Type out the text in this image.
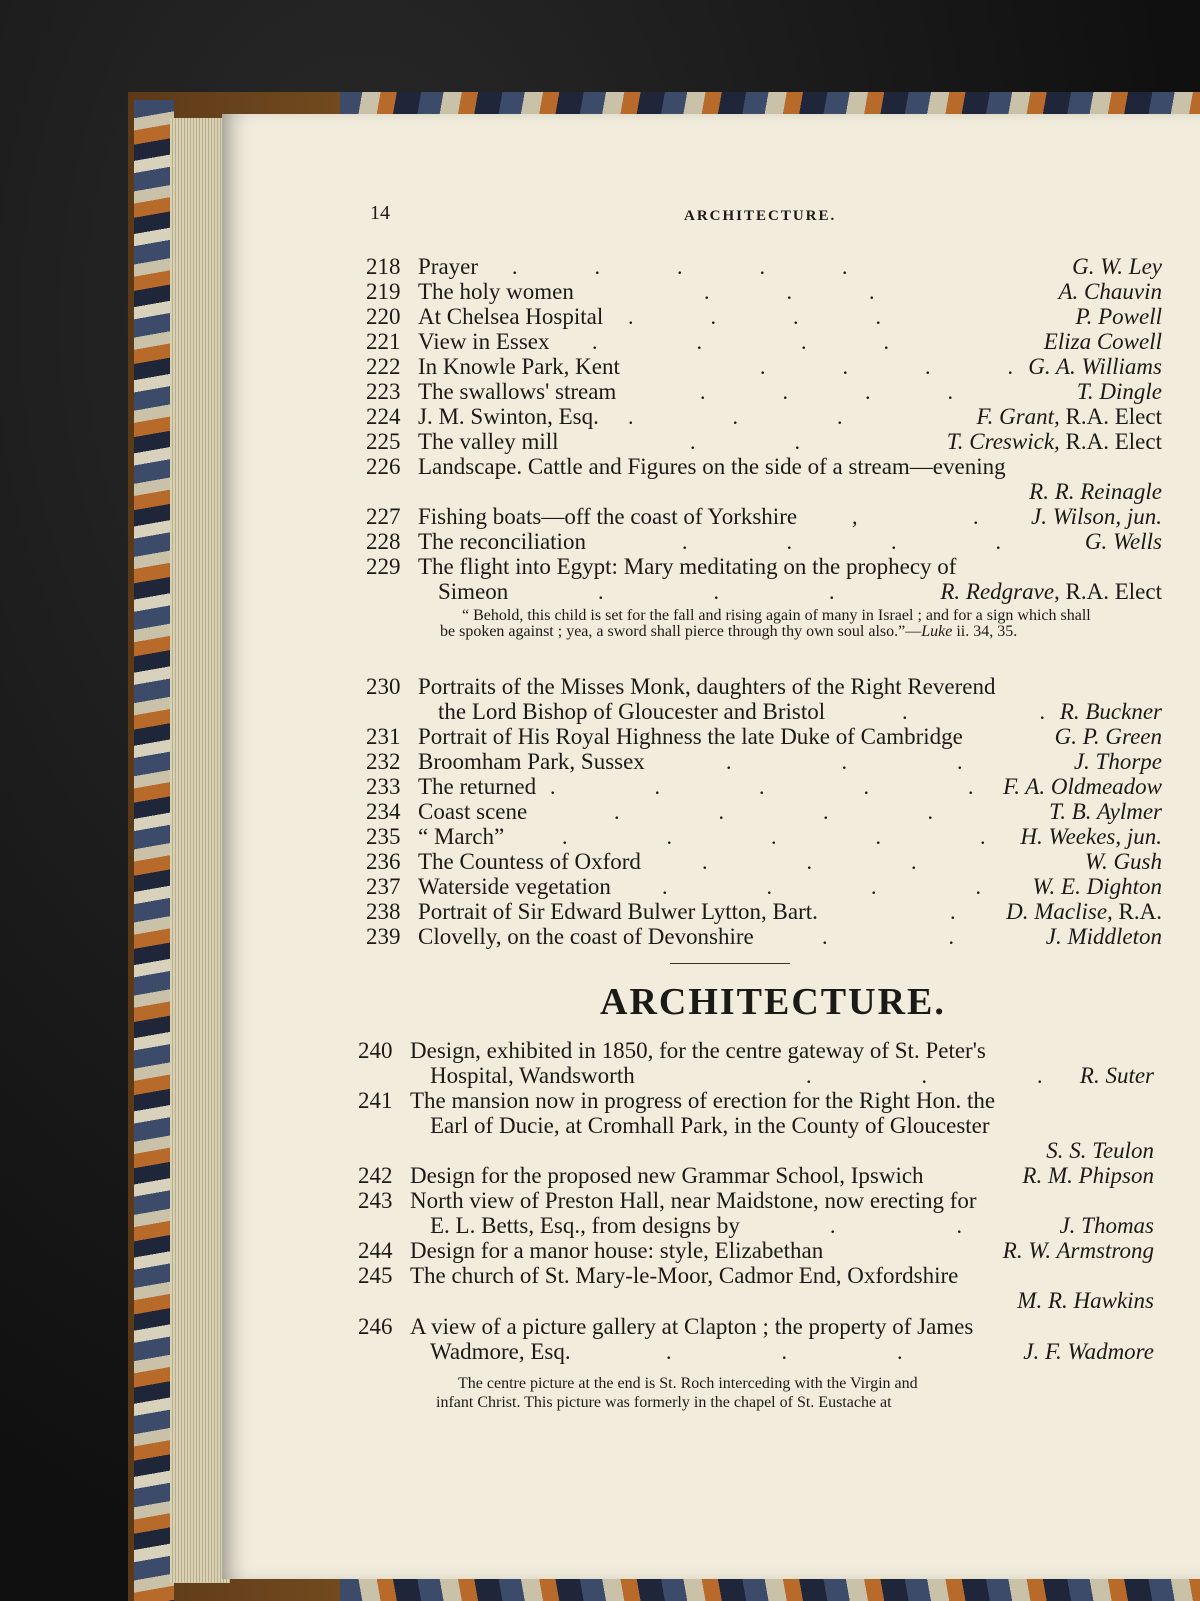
14	ARCHITECTURE.
218 Prayer .              .              .              .              .	G. W. Ley
219 The holy women	.              .              .	A. Chauvin
220 At Chelsea Hospital .              .              .              .	P. Powell
221 View in Essex .                  .                  .              .	Eliza Cowell
222 In Knowle Park, Kent	.              .              .              . G. A. Williams
223 The swallows' stream	.              .              .              .	T. Dingle
224 J. M. Swinton, Esq. .                  .                  .	F. Grant, R.A. Elect
225 The valley mill	.                  .	T. Creswick, R.A. Elect
226 Landscape. Cattle and Figures on the side of a stream—evening
R. R. Reinagle
227 Fishing boats—off the coast of Yorkshire ,                     . J. Wilson, jun.
228 The reconciliation	.                  .                  .                  .	G. Wells
229 The flight into Egypt: Mary meditating on the prophecy of
Simeon	.                    .                    .	R. Redgrave, R.A. Elect
“ Behold, this child is set for the fall and rising again of many in Israel ; and for a sign which shall be spoken against ; yea, a sword shall pierce through thy own soul also.”—Luke ii. 34, 35.
230 Portraits of the Misses Monk, daughters of the Right Reverend
the Lord Bishop of Gloucester and Bristol	.                        . R. Buckner
231 Portrait of His Royal Highness the late Duke of Cambridge	G. P. Green
232 Broomham Park, Sussex	.                    .                    .	J. Thorpe
233 The returned .                  .                  .                  .                  . F. A. Oldmeadow
234 Coast scene	.                  .                  .                  .	T. B. Aylmer
235 “ March”	.                  .                  .                  .                  . H. Weekes, jun.
236 The Countess of Oxford	.                  .                  .	W. Gush
237 Waterside vegetation .                  .                  .                  . W. E. Dighton
238 Portrait of Sir Edward Bulwer Lytton, Bart.	. D. Maclise, R.A.
239 Clovelly, on the coast of Devonshire	.                      .	J. Middleton
ARCHITECTURE.
240 Design, exhibited in 1850, for the centre gateway of St. Peter's
Hospital, Wandsworth	.                    .                    . R. Suter
241 The mansion now in progress of erection for the Right Hon. the
Earl of Ducie, at Cromhall Park, in the County of Gloucester
S. S. Teulon
242 Design for the proposed new Grammar School, Ipswich	R. M. Phipson
243 North view of Preston Hall, near Maidstone, now erecting for
E. L. Betts, Esq., from designs by	.                      .	J. Thomas
244 Design for a manor house: style, Elizabethan	R. W. Armstrong
245 The church of St. Mary-le-Moor, Cadmor End, Oxfordshire
M. R. Hawkins
246 A view of a picture gallery at Clapton ; the property of James
Wadmore, Esq.	.                    .                    .	J. F. Wadmore
The centre picture at the end is St. Roch interceding with the Virgin and
infant Christ. This picture was formerly in the chapel of St. Eustache at
